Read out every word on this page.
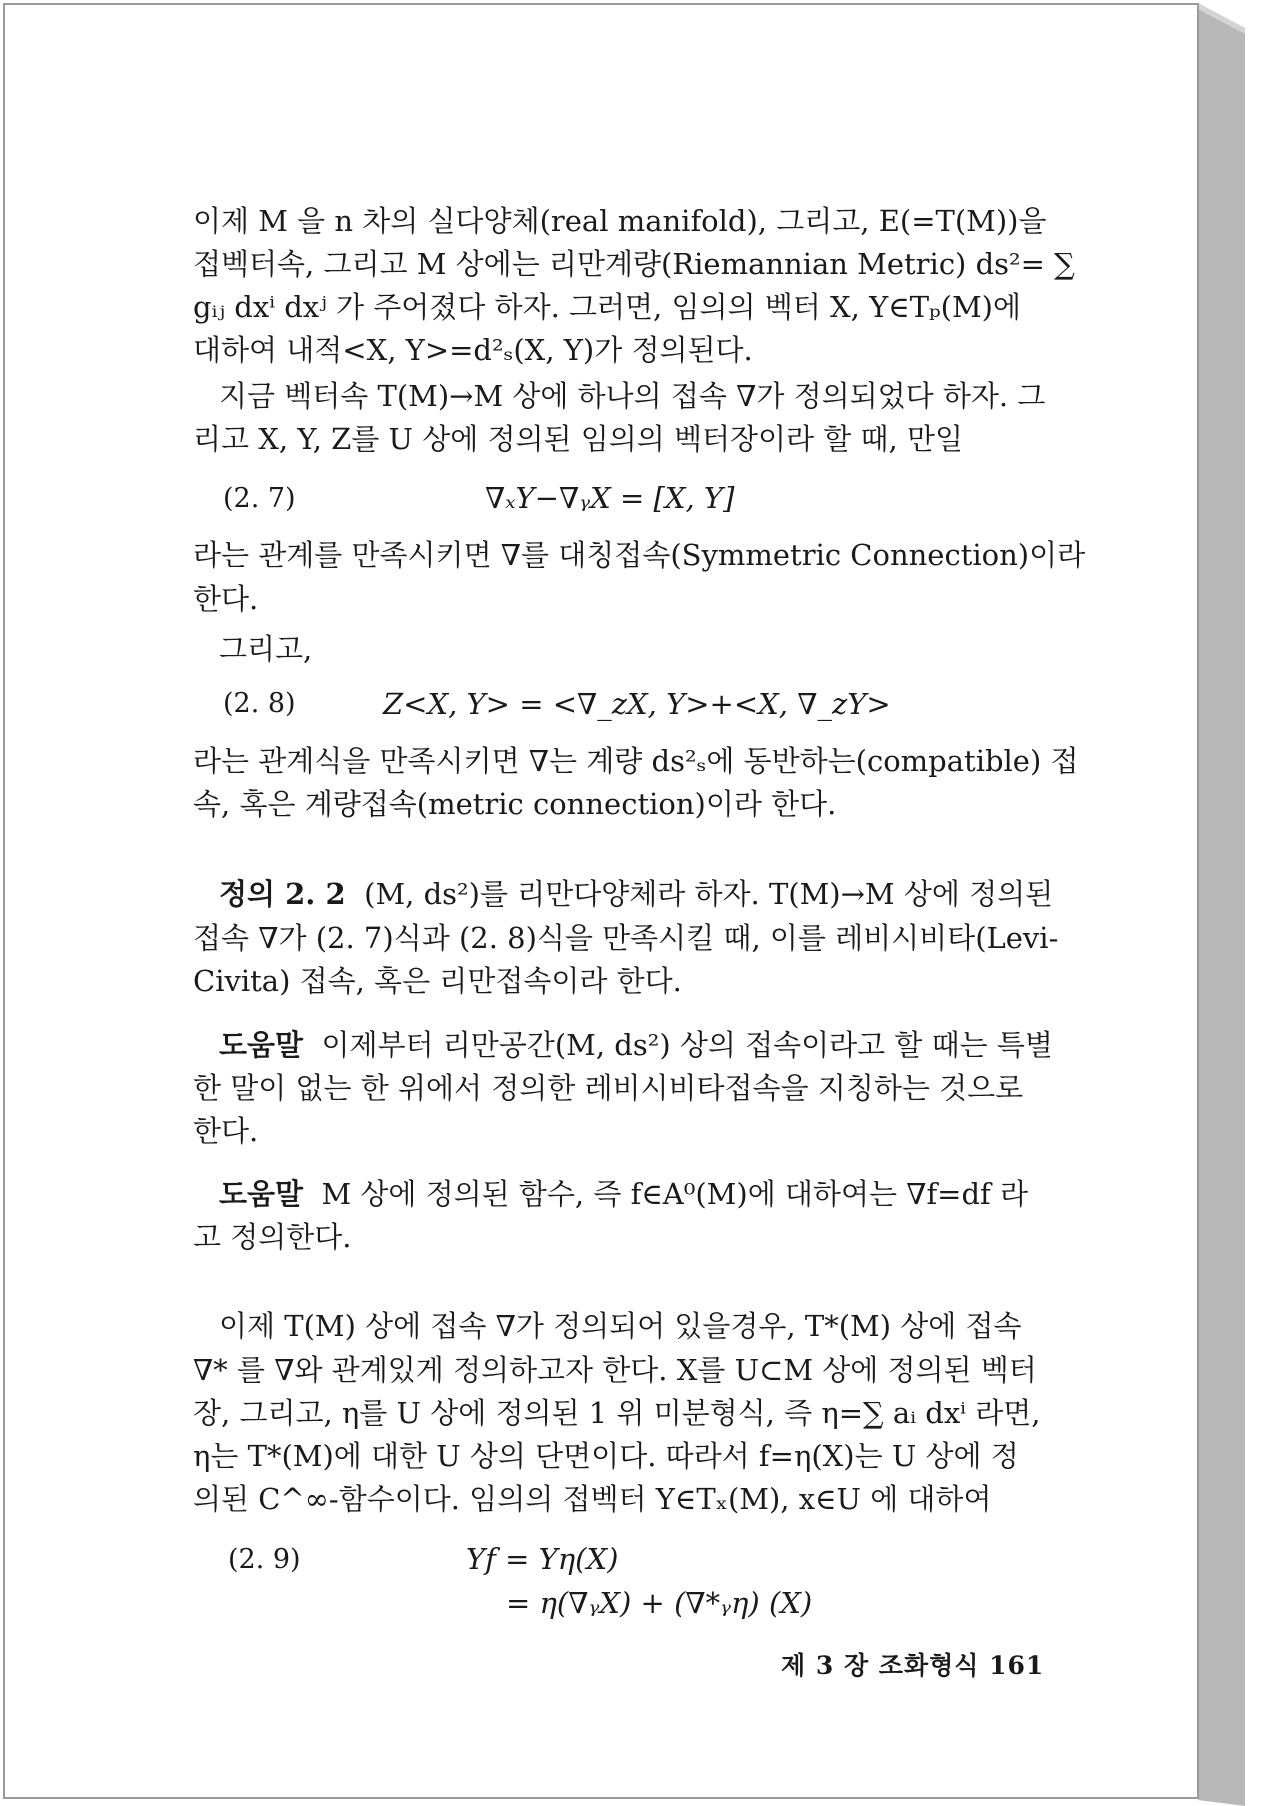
이제 M 을 n 차의 실다양체(real manifold), 그리고, E(=T(M))을
접벡터속, 그리고 M 상에는 리만계량(Riemannian Metric) ds²= ∑
gᵢⱼ dxⁱ dxʲ 가 주어졌다 하자. 그러면, 임의의 벡터 X, Y∈Tₚ(M)에
대하여 내적<X, Y>=d²ₛ(X, Y)가 정의된다.
지금 벡터속 T(M)→M 상에 하나의 접속 ∇가 정의되었다 하자. 그
리고 X, Y, Z를 U 상에 정의된 임의의 벡터장이라 할 때, 만일
(2. 7)	∇ₓY−∇ᵧX = [X, Y]
라는 관계를 만족시키면 ∇를 대칭접속(Symmetric Connection)이라
한다.
그리고,
(2. 8)	Z<X, Y> = <∇_zX, Y>+<X, ∇_zY>
라는 관계식을 만족시키면 ∇는 계량 ds²ₛ에 동반하는(compatible) 접
속, 혹은 계량접속(metric connection)이라 한다.
정의 2. 2 (M, ds²)를 리만다양체라 하자. T(M)→M 상에 정의된
접속 ∇가 (2. 7)식과 (2. 8)식을 만족시킬 때, 이를 레비시비타(Levi-
Civita) 접속, 혹은 리만접속이라 한다.
도움말 이제부터 리만공간(M, ds²) 상의 접속이라고 할 때는 특별
한 말이 없는 한 위에서 정의한 레비시비타접속을 지칭하는 것으로
한다.
도움말 M 상에 정의된 함수, 즉 f∈A⁰(M)에 대하여는 ∇f=df 라
고 정의한다.
이제 T(M) 상에 접속 ∇가 정의되어 있을경우, T*(M) 상에 접속
∇* 를 ∇와 관계있게 정의하고자 한다. X를 U⊂M 상에 정의된 벡터
장, 그리고, η를 U 상에 정의된 1 위 미분형식, 즉 η=∑ aᵢ dxⁱ 라면,
η는 T*(M)에 대한 U 상의 단면이다. 따라서 f=η(X)는 U 상에 정
의된 C^∞-함수이다. 임의의 접벡터 Y∈Tₓ(M), x∈U 에 대하여
(2. 9)	Yf = Yη(X)
= η(∇ᵧX) + (∇*ᵧη) (X)
제 3 장 조화형식 161
